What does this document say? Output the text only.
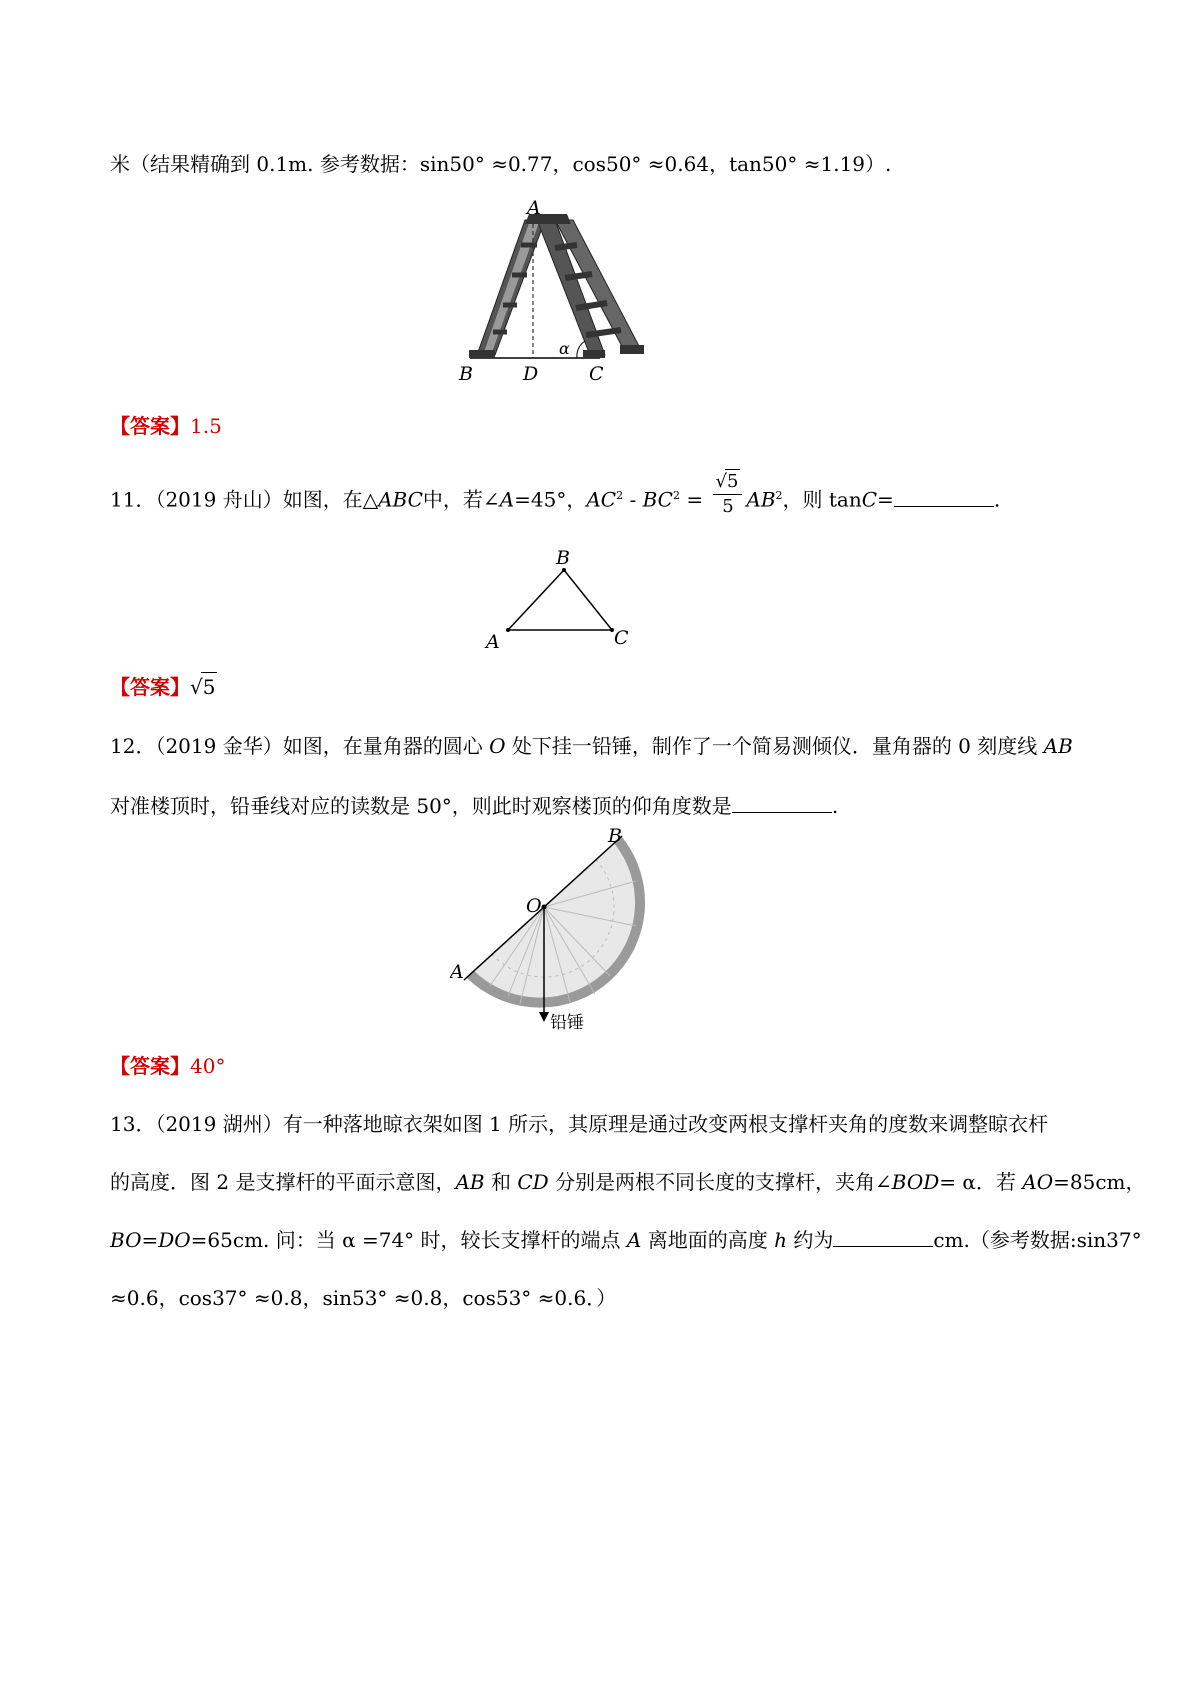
米（结果精确到 0.1m. 参考数据：sin50° ≈0.77，cos50° ≈0.64，tan50° ≈1.19）.
A
B	D	C
α
【答案】1.5
11．（2019 舟山）如图，在△ABC中，若∠A=45°，$AC^2 - BC^2 = \frac{√5}{5} AB^2$，则 tanC=	.
A
B
C
【答案】√5
12．（2019 金华）如图，在量角器的圆心 O 处下挂一铅锤，制作了一个简易测倾仪．量角器的 0 刻度线 AB
对准楼顶时，铅垂线对应的读数是 50°，则此时观察楼顶的仰角度数是	.
A
B
O
铅锤
【答案】40°
13．（2019 湖州）有一种落地晾衣架如图 1 所示，其原理是通过改变两根支撑杆夹角的度数来调整晾衣杆
的高度．图 2 是支撑杆的平面示意图，AB 和 CD 分别是两根不同长度的支撑杆，夹角∠BOD= α．若 AO=85cm，
BO=DO=65cm. 问：当 α =74° 时，较长支撑杆的端点 A 离地面的高度 h 约为	cm.（参考数据:sin37°
≈0.6，cos37° ≈0.8，sin53° ≈0.8，cos53° ≈0.6．）
